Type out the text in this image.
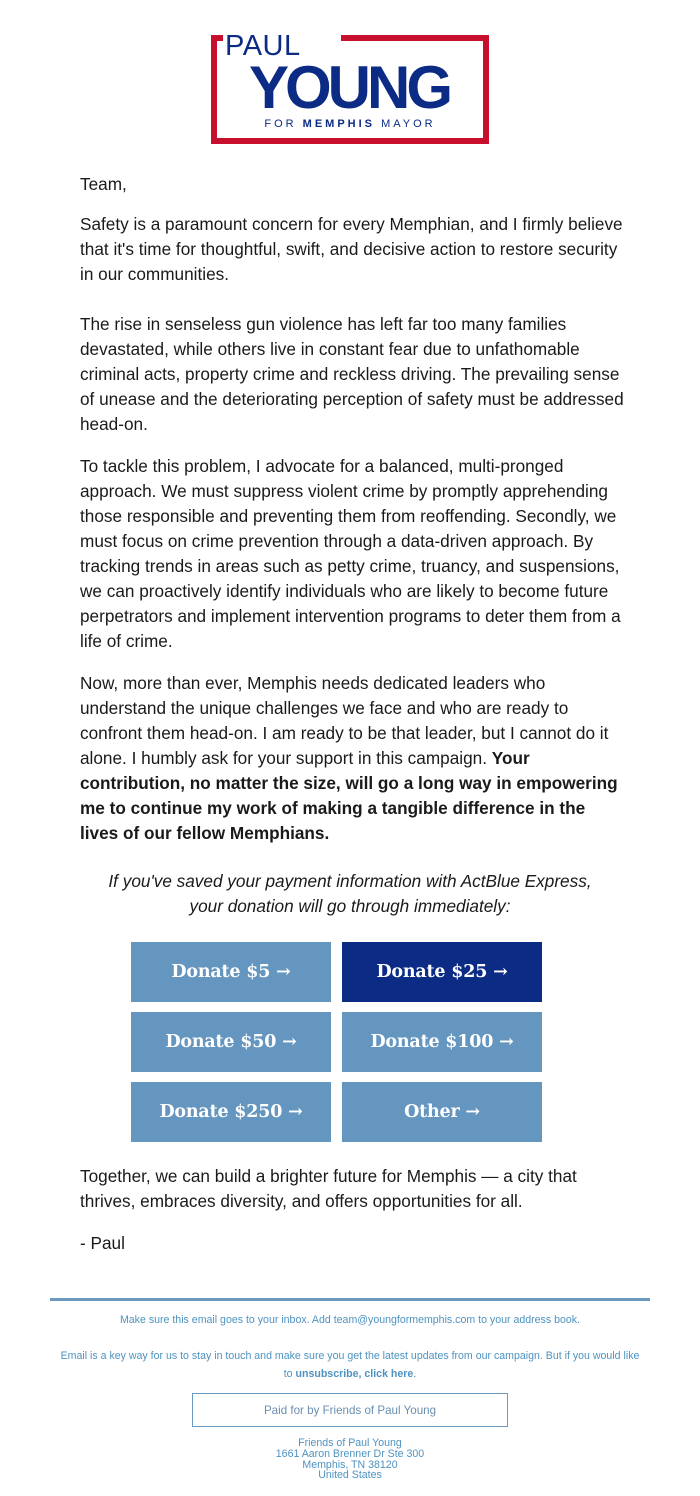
PAUL
YOUNG
FOR MEMPHIS MAYOR

Team,

Safety is a paramount concern for every Memphian, and I firmly believe that it's time for thoughtful, swift, and decisive action to restore security in our communities.

The rise in senseless gun violence has left far too many families devastated, while others live in constant fear due to unfathomable criminal acts, property crime and reckless driving. The prevailing sense of unease and the deteriorating perception of safety must be addressed head-on.

To tackle this problem, I advocate for a balanced, multi-pronged approach. We must suppress violent crime by promptly apprehending those responsible and preventing them from reoffending. Secondly, we must focus on crime prevention through a data-driven approach. By tracking trends in areas such as petty crime, truancy, and suspensions, we can proactively identify individuals who are likely to become future perpetrators and implement intervention programs to deter them from a life of crime.

Now, more than ever, Memphis needs dedicated leaders who understand the unique challenges we face and who are ready to confront them head-on. I am ready to be that leader, but I cannot do it alone. I humbly ask for your support in this campaign. Your contribution, no matter the size, will go a long way in empowering me to continue my work of making a tangible difference in the lives of our fellow Memphians.

If you've saved your payment information with ActBlue Express,
your donation will go through immediately:
Donate $5 →	Donate $25 →
Donate $50 →	Donate $100 →
Donate $250 →	Other →

Together, we can build a brighter future for Memphis — a city that thrives, embraces diversity, and offers opportunities for all.

- Paul

Make sure this email goes to your inbox. Add team@youngformemphis.com to your address book.
Email is a key way for us to stay in touch and make sure you get the latest updates from our campaign. But if you would like to unsubscribe, click here.
Paid for by Friends of Paul Young
Friends of Paul Young
1661 Aaron Brenner Dr Ste 300
Memphis, TN 38120
United States
